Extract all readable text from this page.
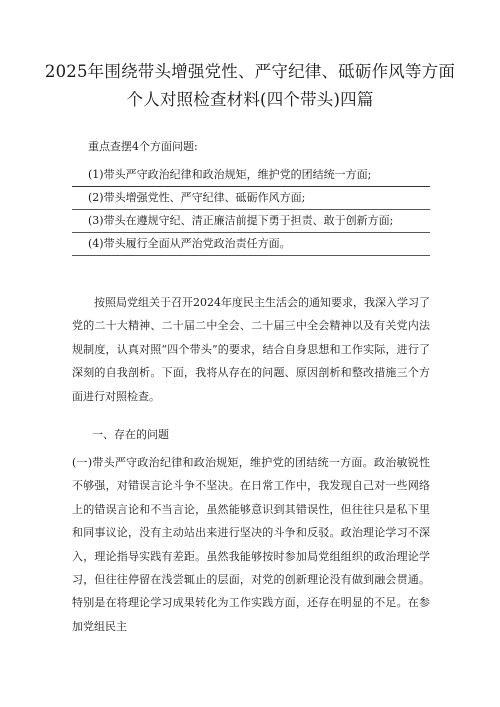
2025年围绕带头增强党性、严守纪律、砥砺作风等方面个人对照检查材料(四个带头)四篇

重点查摆4个方面问题:

(1)带头严守政治纪律和政治规矩，维护党的团结统一方面;
(2)带头增强党性、严守纪律、砥砺作风方面;
(3)带头在遵规守纪、清正廉洁前提下勇于担责、敢于创新方面;
(4)带头履行全面从严治党政治责任方面。

按照局党组关于召开2024年度民主生活会的通知要求，我深入学习了党的二十大精神、二十届二中全会、二十届三中全会精神以及有关党内法规制度，认真对照“四个带头”的要求，结合自身思想和工作实际，进行了深刻的自我剖析。下面，我将从存在的问题、原因剖析和整改措施三个方面进行对照检查。

一、存在的问题

(一)带头严守政治纪律和政治规矩，维护党的团结统一方面。政治敏锐性不够强，对错误言论斗争不坚决。在日常工作中，我发现自己对一些网络上的错误言论和不当言论，虽然能够意识到其错误性，但往往只是私下里和同事议论，没有主动站出来进行坚决的斗争和反驳。政治理论学习不深入，理论指导实践有差距。虽然我能够按时参加局党组组织的政治理论学习，但往往停留在浅尝辄止的层面，对党的创新理论没有做到融会贯通。特别是在将理论学习成果转化为工作实践方面，还存在明显的不足。在参加党组民主
